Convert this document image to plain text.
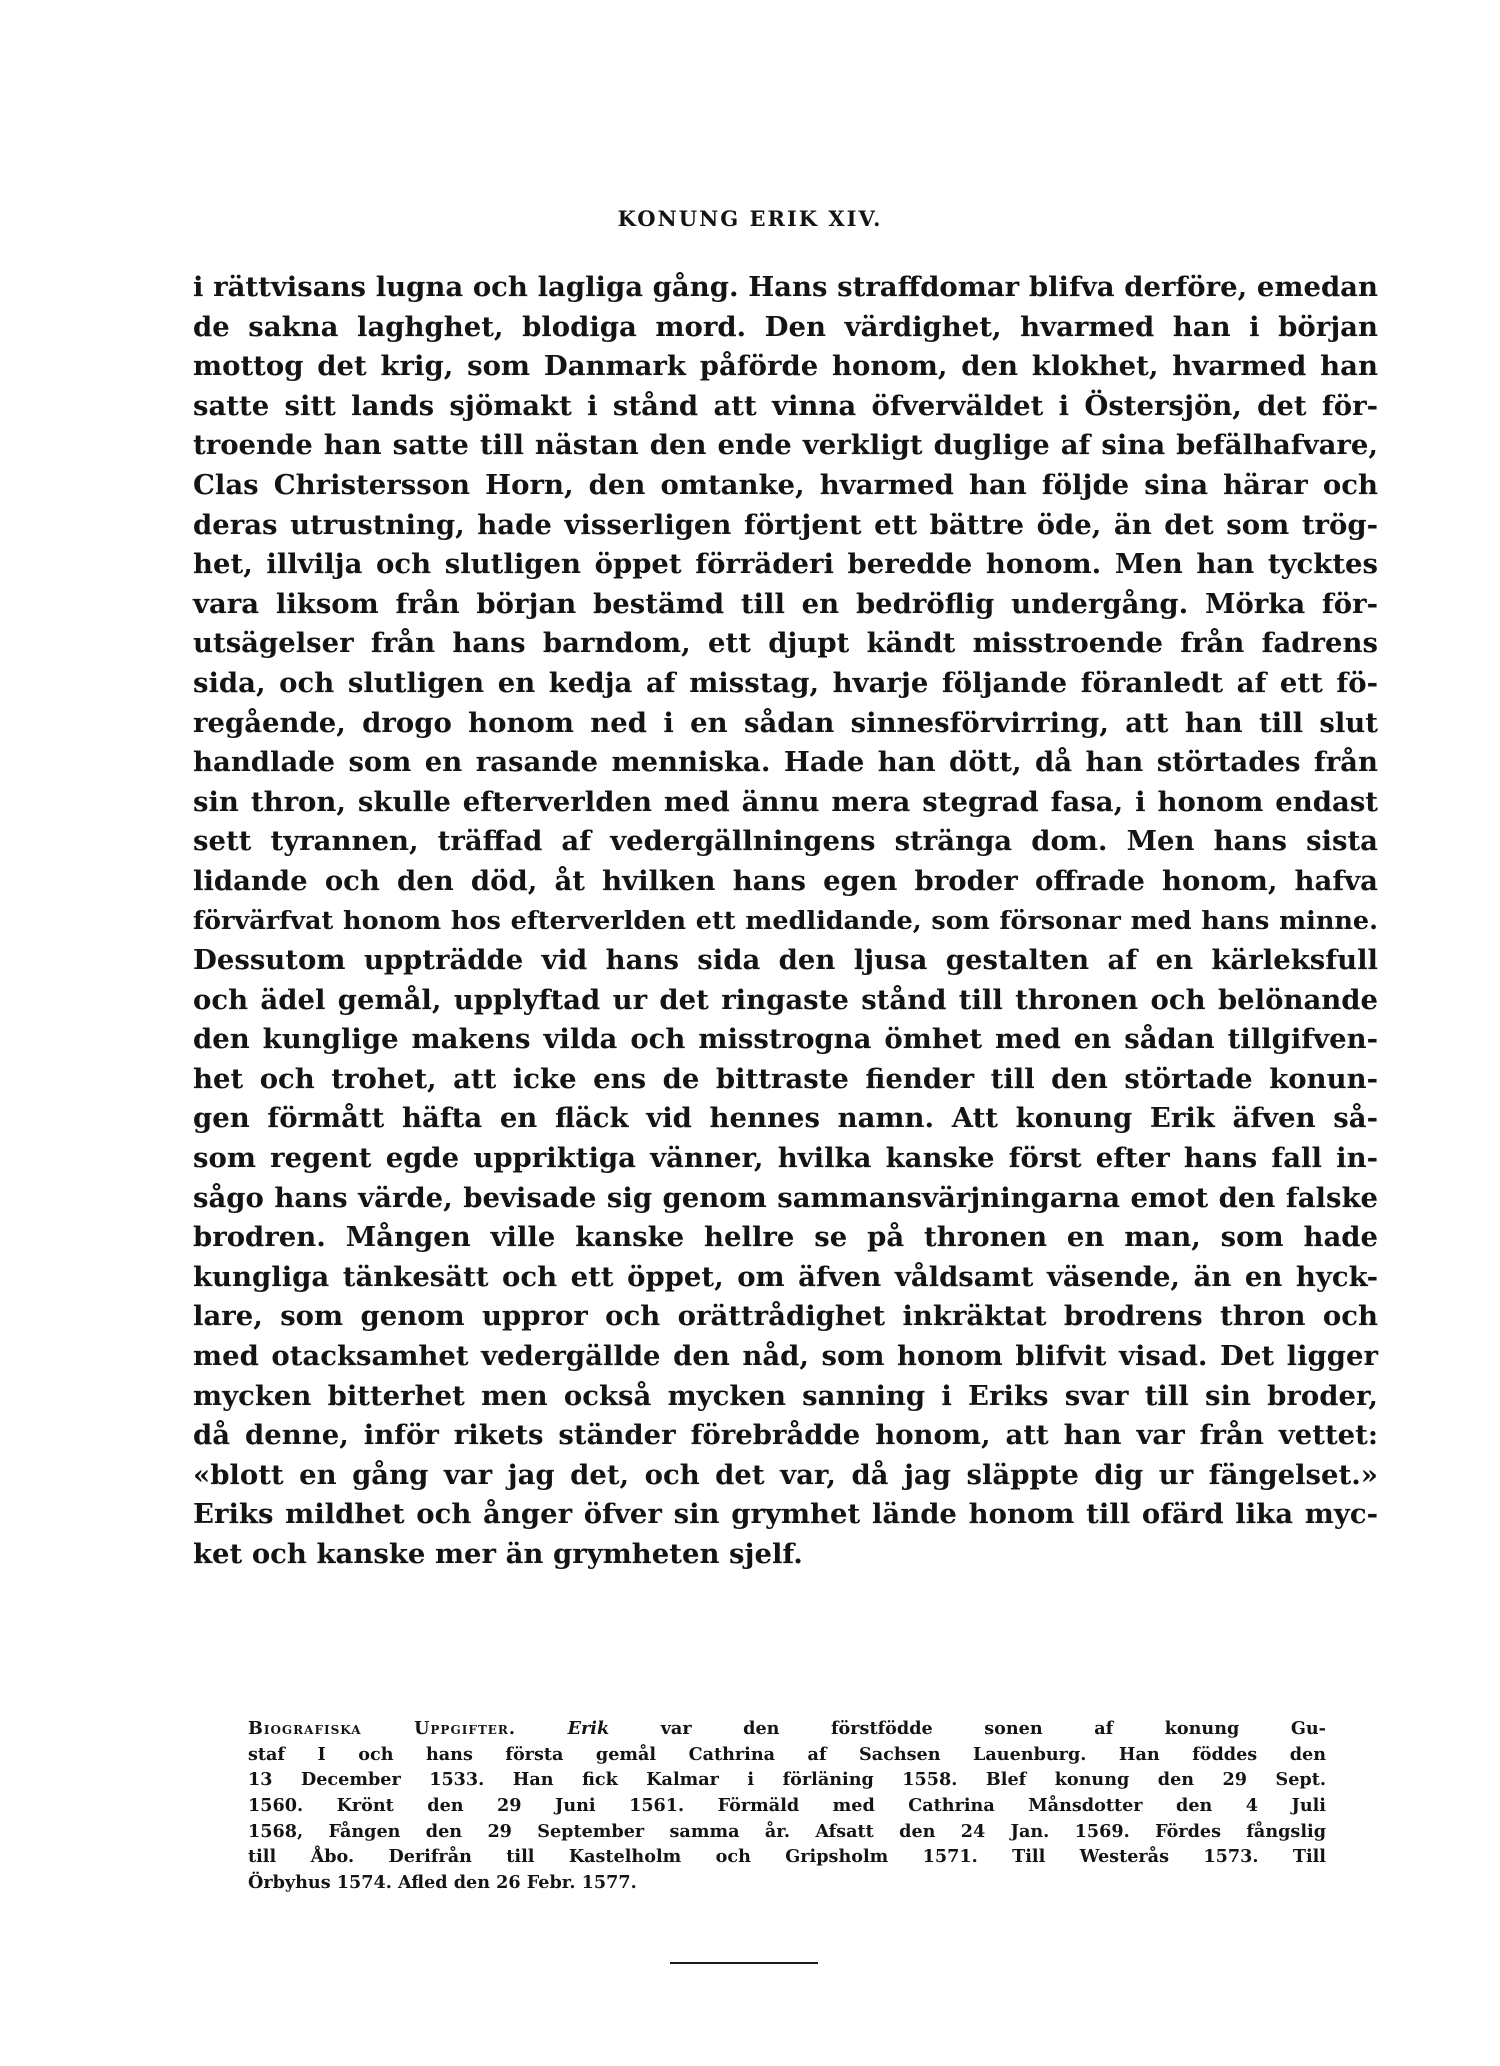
KONUNG ERIK XIV.
i rättvisans lugna och lagliga gång. Hans straffdomar blifva derföre, emedan
de sakna laghghet, blodiga mord. Den värdighet, hvarmed han i början
mottog det krig, som Danmark påförde honom, den klokhet, hvarmed han
satte sitt lands sjömakt i stånd att vinna öfverväldet i Östersjön, det för-
troende han satte till nästan den ende verkligt duglige af sina befälhafvare,
Clas Christersson Horn, den omtanke, hvarmed han följde sina härar och
deras utrustning, hade visserligen förtjent ett bättre öde, än det som trög-
het, illvilja och slutligen öppet förräderi beredde honom. Men han tycktes
vara liksom från början bestämd till en bedröflig undergång. Mörka för-
utsägelser från hans barndom, ett djupt kändt misstroende från fadrens
sida, och slutligen en kedja af misstag, hvarje följande föranledt af ett fö-
regående, drogo honom ned i en sådan sinnesförvirring, att han till slut
handlade som en rasande menniska. Hade han dött, då han störtades från
sin thron, skulle efterverlden med ännu mera stegrad fasa, i honom endast
sett tyrannen, träffad af vedergällningens stränga dom. Men hans sista
lidande och den död, åt hvilken hans egen broder offrade honom, hafva
förvärfvat honom hos efterverlden ett medlidande, som försonar med hans minne.
Dessutom uppträdde vid hans sida den ljusa gestalten af en kärleksfull
och ädel gemål, upplyftad ur det ringaste stånd till thronen och belönande
den kunglige makens vilda och misstrogna ömhet med en sådan tillgifven-
het och trohet, att icke ens de bittraste fiender till den störtade konun-
gen förmått häfta en fläck vid hennes namn. Att konung Erik äfven så-
som regent egde uppriktiga vänner, hvilka kanske först efter hans fall in-
sågo hans värde, bevisade sig genom sammansvärjningarna emot den falske
brodren. Mången ville kanske hellre se på thronen en man, som hade
kungliga tänkesätt och ett öppet, om äfven våldsamt väsende, än en hyck-
lare, som genom uppror och orättrådighet inkräktat brodrens thron och
med otacksamhet vedergällde den nåd, som honom blifvit visad. Det ligger
mycken bitterhet men också mycken sanning i Eriks svar till sin broder,
då denne, inför rikets ständer förebrådde honom, att han var från vettet:
«blott en gång var jag det, och det var, då jag släppte dig ur fängelset.»
Eriks mildhet och ånger öfver sin grymhet lände honom till ofärd lika myc-
ket och kanske mer än grymheten sjelf.
Biografiska Uppgifter.	Erik	var den förstfödde sonen af konung Gu-
staf I och hans första gemål Cathrina af Sachsen Lauenburg. Han föddes den
13 December 1533. Han fick Kalmar i förläning 1558. Blef konung den 29 Sept.
1560. Krönt den 29 Juni 1561. Förmäld med Cathrina Månsdotter den 4 Juli
1568, Fången den 29 September samma år. Afsatt den 24 Jan. 1569. Fördes fångslig
till Åbo. Derifrån till Kastelholm och Gripsholm 1571. Till Westerås 1573. Till
Örbyhus 1574. Afled den 26 Febr. 1577.
